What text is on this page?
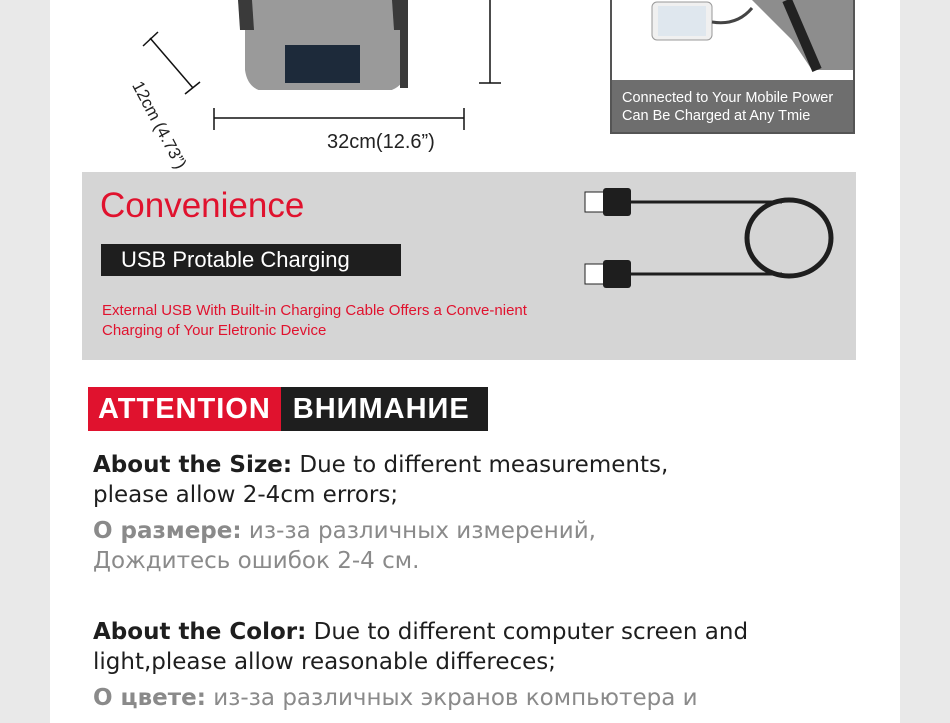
12cm (4.73”)	32cm(12.6”)
Connected to Your Mobile Power
Can Be Charged at Any Tmie
Convenience
USB Protable Charging
External USB With Built-in Charging Cable Offers a Conve-nient
Charging of Your Eletronic Device
ATTENTION ВНИМАНИЕ
About the Size: Due to different measurements,
please allow 2-4cm errors;
О размере: из-за различных измерений,
Дождитесь ошибок 2-4 см.
About the Color: Due to different computer screen and
light,please allow reasonable differeces;
О цвете: из-за различных экранов компьютера и
